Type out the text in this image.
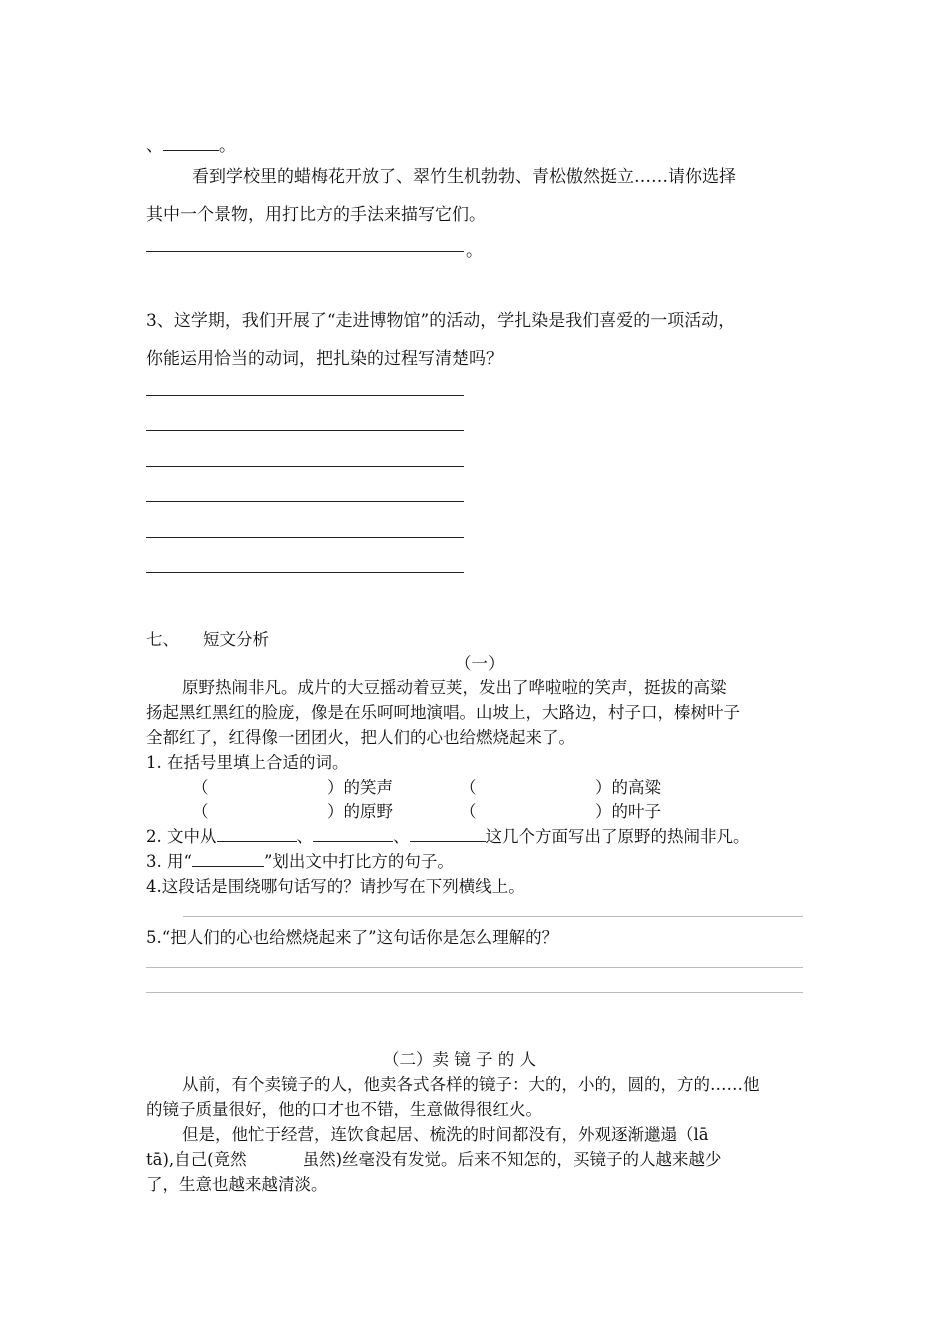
、	。
看到学校里的蜡梅花开放了、翠竹生机勃勃、青松傲然挺立……请你选择
其中一个景物，用打比方的手法来描写它们。
。
3、这学期，我们开展了“走进博物馆”的活动，学扎染是我们喜爱的一项活动，
你能运用恰当的动词，把扎染的过程写清楚吗？
七、 短文分析
（一）
原野热闹非凡。成片的大豆摇动着豆荚，发出了哗啦啦的笑声，挺拔的高粱
扬起黑红黑红的脸庞，像是在乐呵呵地演唱。山坡上，大路边，村子口，榛树叶子
全都红了，红得像一团团火，把人们的心也给燃烧起来了。
1. 在括号里填上合适的词。
（	）的笑声	（	）的高粱
（	）的原野	（	）的叶子
2. 文中从	、	、	这几个方面写出了原野的热闹非凡。
3. 用“	”划出文中打比方的句子。
4.这段话是围绕哪句话写的？请抄写在下列横线上。
5.“把人们的心也给燃烧起来了”这句话你是怎么理解的？
（二）卖 镜 子 的 人
从前，有个卖镜子的人，他卖各式各样的镜子：大的，小的，圆的，方的……他
的镜子质量很好，他的口才也不错，生意做得很红火。
但是，他忙于经营，连饮食起居、梳洗的时间都没有，外观逐渐邋遢（lā
tā),自己(竟然	虽然)丝毫没有发觉。后来不知怎的，买镜子的人越来越少
了，生意也越来越清淡。
